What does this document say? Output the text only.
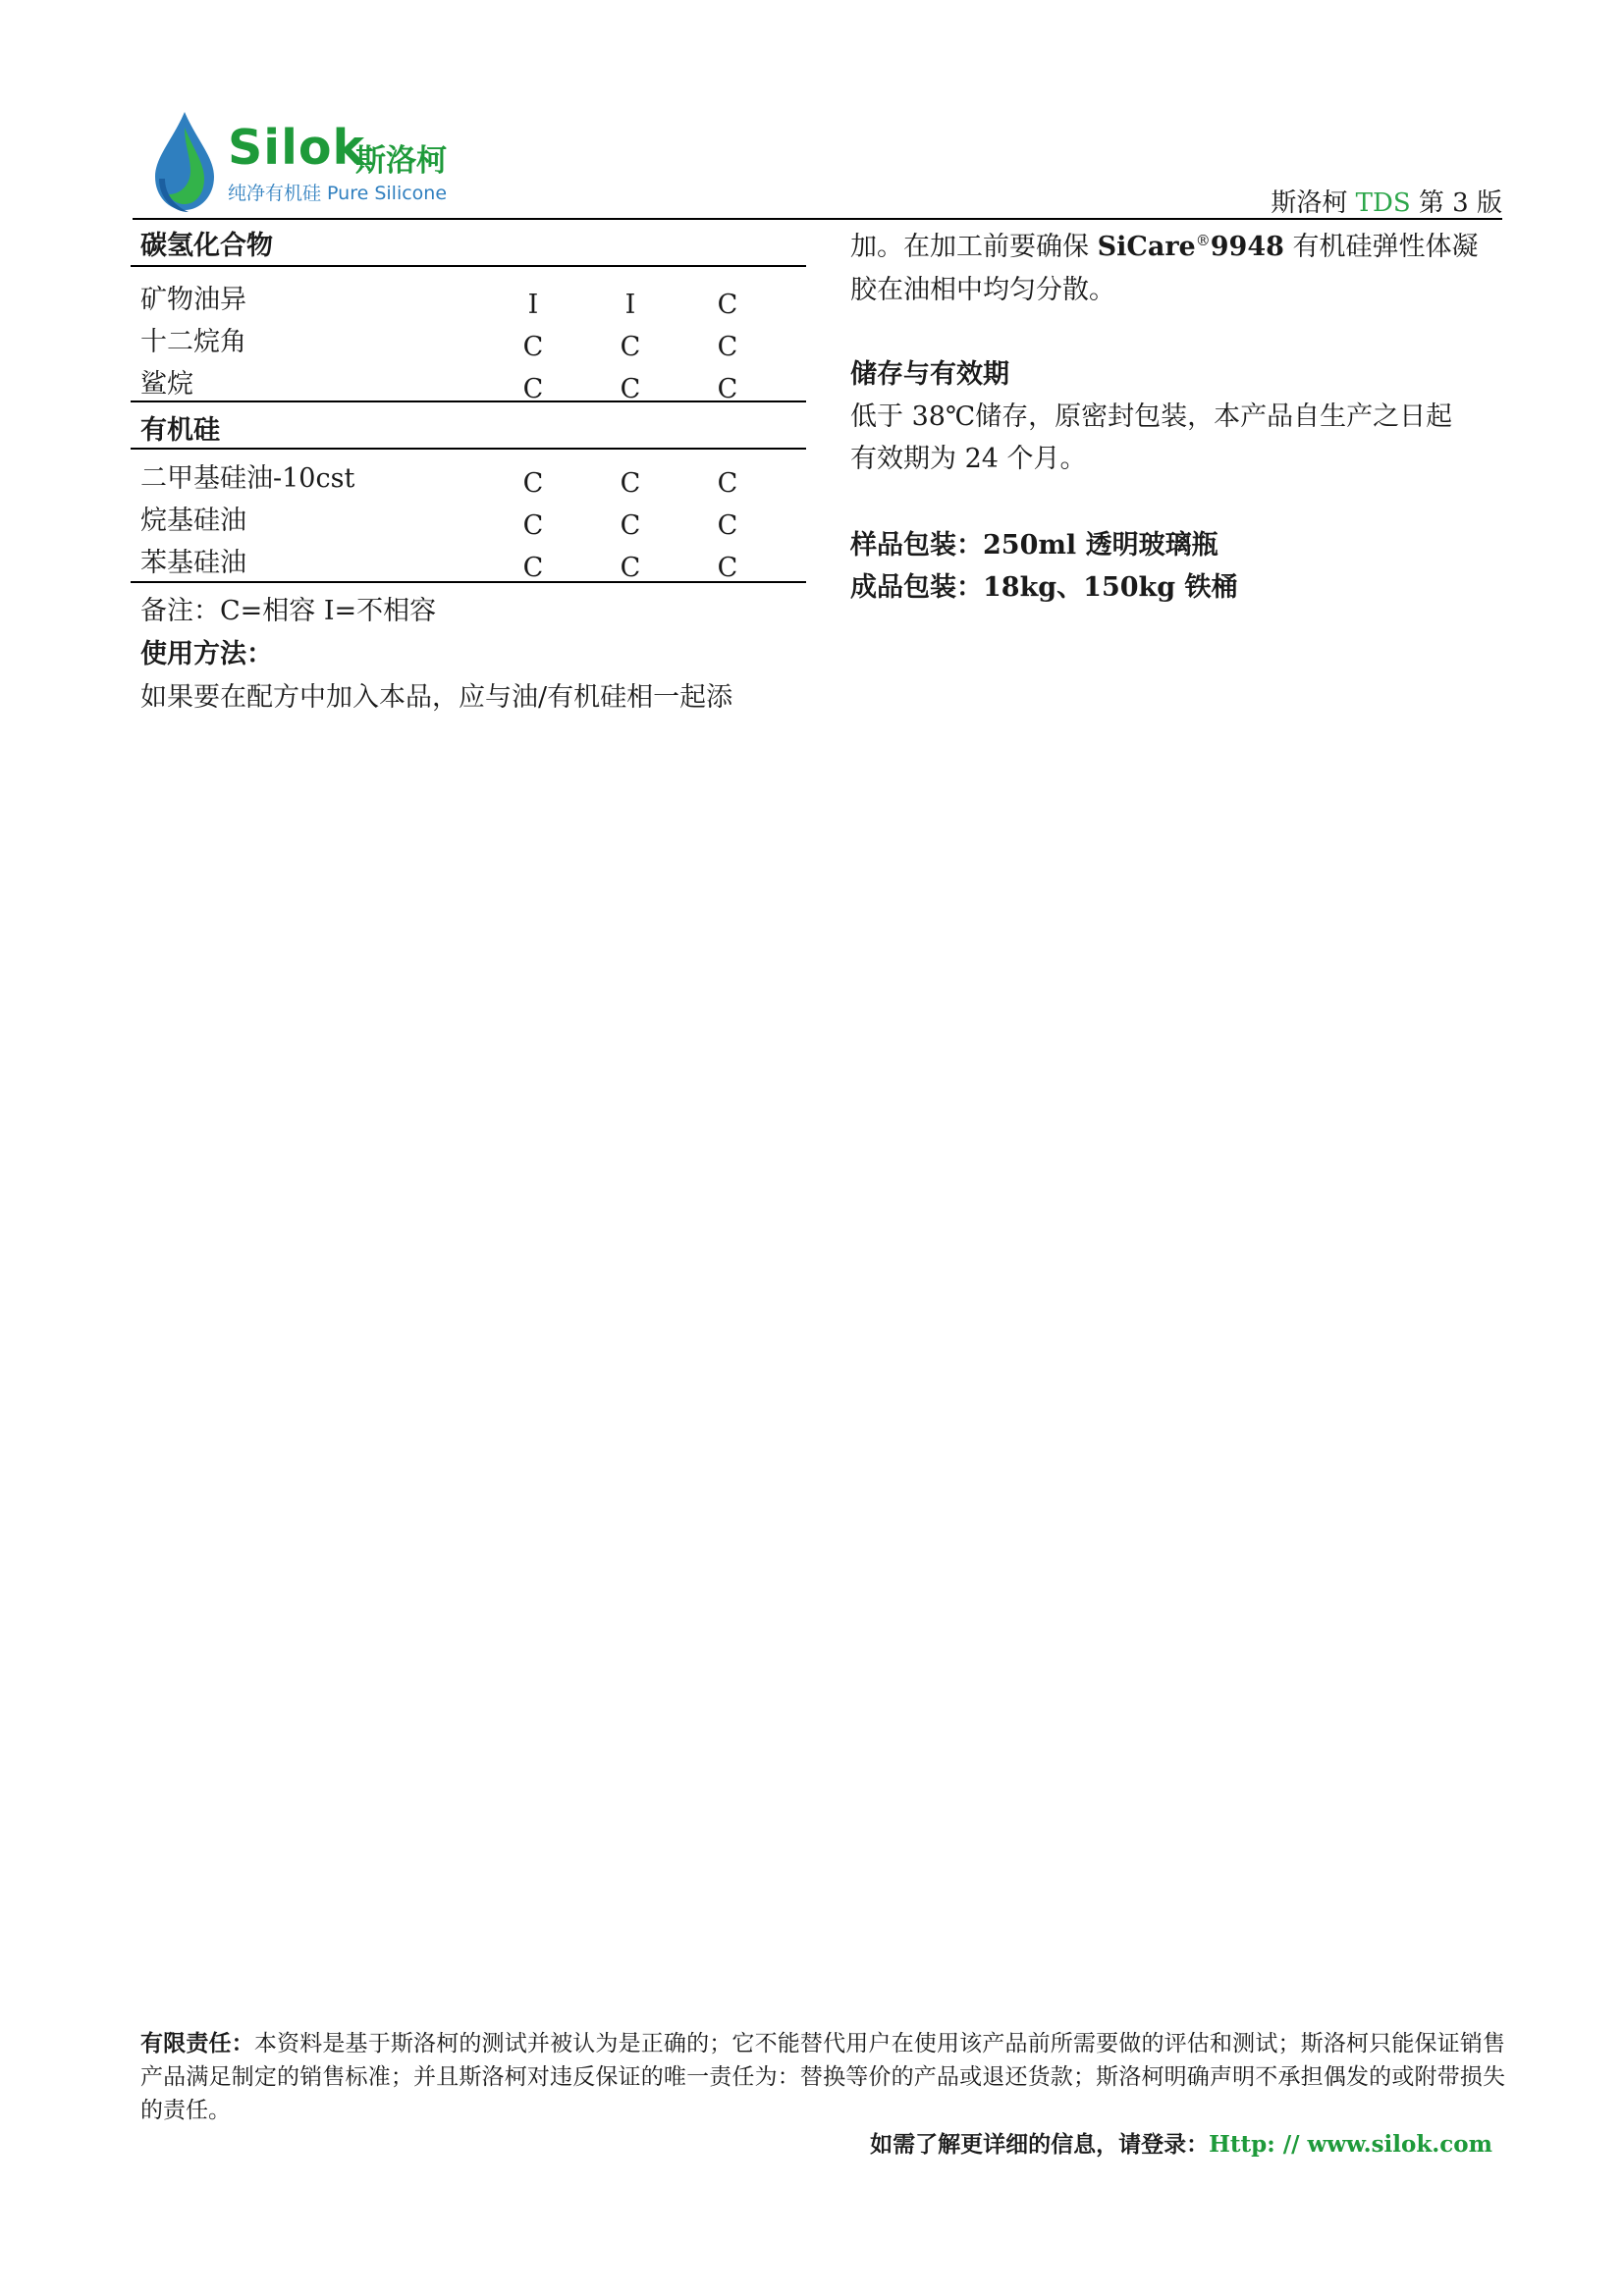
Silok
斯洛柯
纯净有机硅 Pure Silicone	斯洛柯 TDS 第 3 版
碳氢化合物
矿物油异	I	I	C
十二烷角	C	C	C
鲨烷	C	C	C
有机硅
二甲基硅油-10cst	C	C	C
烷基硅油	C	C	C
苯基硅油	C	C	C
备注：C=相容 I=不相容
使用方法：
如果要在配方中加入本品，应与油/有机硅相一起添
加。在加工前要确保 SiCare®9948 有机硅弹性体凝
胶在油相中均匀分散。
储存与有效期
低于 38℃储存，原密封包装，本产品自生产之日起
有效期为 24 个月。
样品包装：250ml 透明玻璃瓶
成品包装：18kg、150kg 铁桶
有限责任：本资料是基于斯洛柯的测试并被认为是正确的；它不能替代用户在使用该产品前所需要做的评估和测试；斯洛柯只能保证销售产品满足制定的销售标准；并且斯洛柯对违反保证的唯一责任为：替换等价的产品或退还货款；斯洛柯明确声明不承担偶发的或附带损失的责任。
如需了解更详细的信息，请登录：Http: // www.silok.com
